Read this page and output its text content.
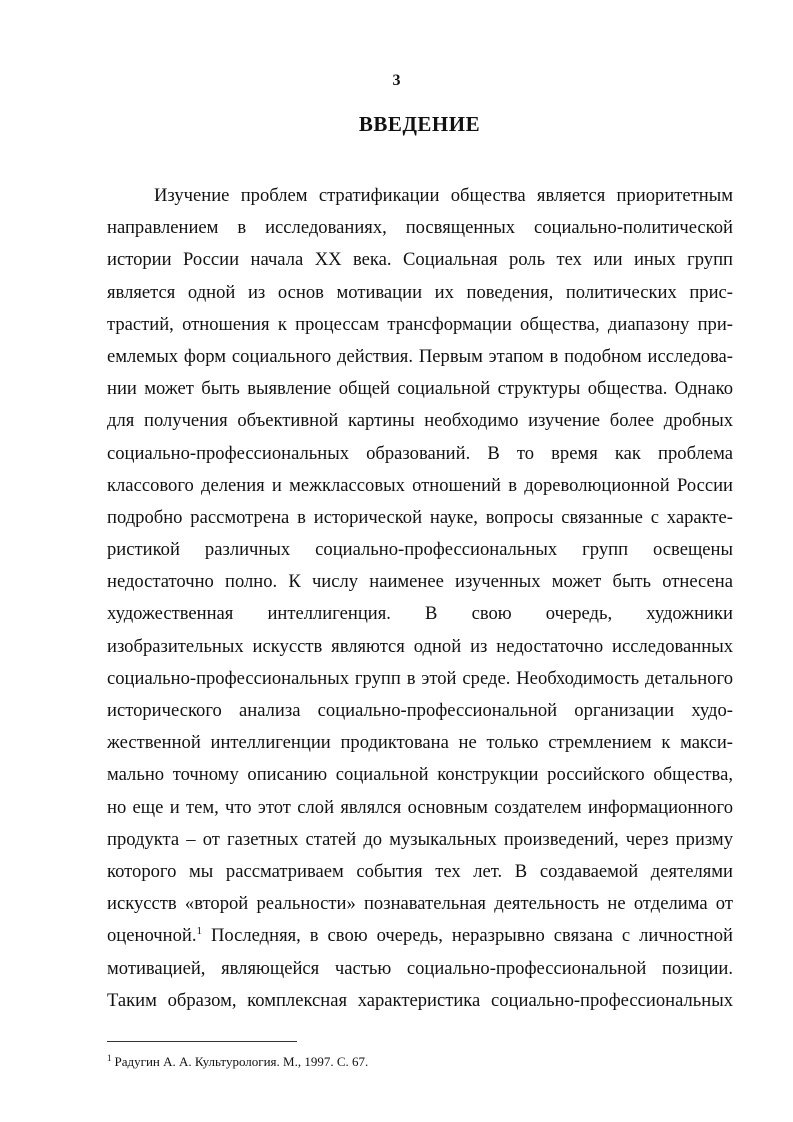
3
ВВЕДЕНИЕ
Изучение проблем стратификации общества является приоритетным
направлением в исследованиях, посвященных социально-политической
истории России начала XX века. Социальная роль тех или иных групп
является одной из основ мотивации их поведения, политических прис-
трастий, отношения к процессам трансформации общества, диапазону при-
емлемых форм социального действия. Первым этапом в подобном исследова-
нии может быть выявление общей социальной структуры общества. Однако
для получения объективной картины необходимо изучение более дробных
социально-профессиональных образований. В то время как проблема
классового деления и межклассовых отношений в дореволюционной России
подробно рассмотрена в исторической науке, вопросы связанные с характе-
ристикой различных социально-профессиональных групп освещены
недостаточно полно. К числу наименее изученных может быть отнесена
художественная интеллигенция. В свою очередь, художники
изобразительных искусств являются одной из недостаточно исследованных
социально-профессиональных групп в этой среде. Необходимость детального
исторического анализа социально-профессиональной организации худо-
жественной интеллигенции продиктована не только стремлением к макси-
мально точному описанию социальной конструкции российского общества,
но еще и тем, что этот слой являлся основным создателем информационного
продукта – от газетных статей до музыкальных произведений, через призму
которого мы рассматриваем события тех лет. В создаваемой деятелями
искусств «второй реальности» познавательная деятельность не отделима от
оценочной.$^1$ Последняя, в свою очередь, неразрывно связана с личностной
мотивацией, являющейся частью социально-профессиональной позиции.
Таким образом, комплексная характеристика социально-профессиональных
$^1$ Радугин А. А. Культурология. М., 1997. С. 67.
